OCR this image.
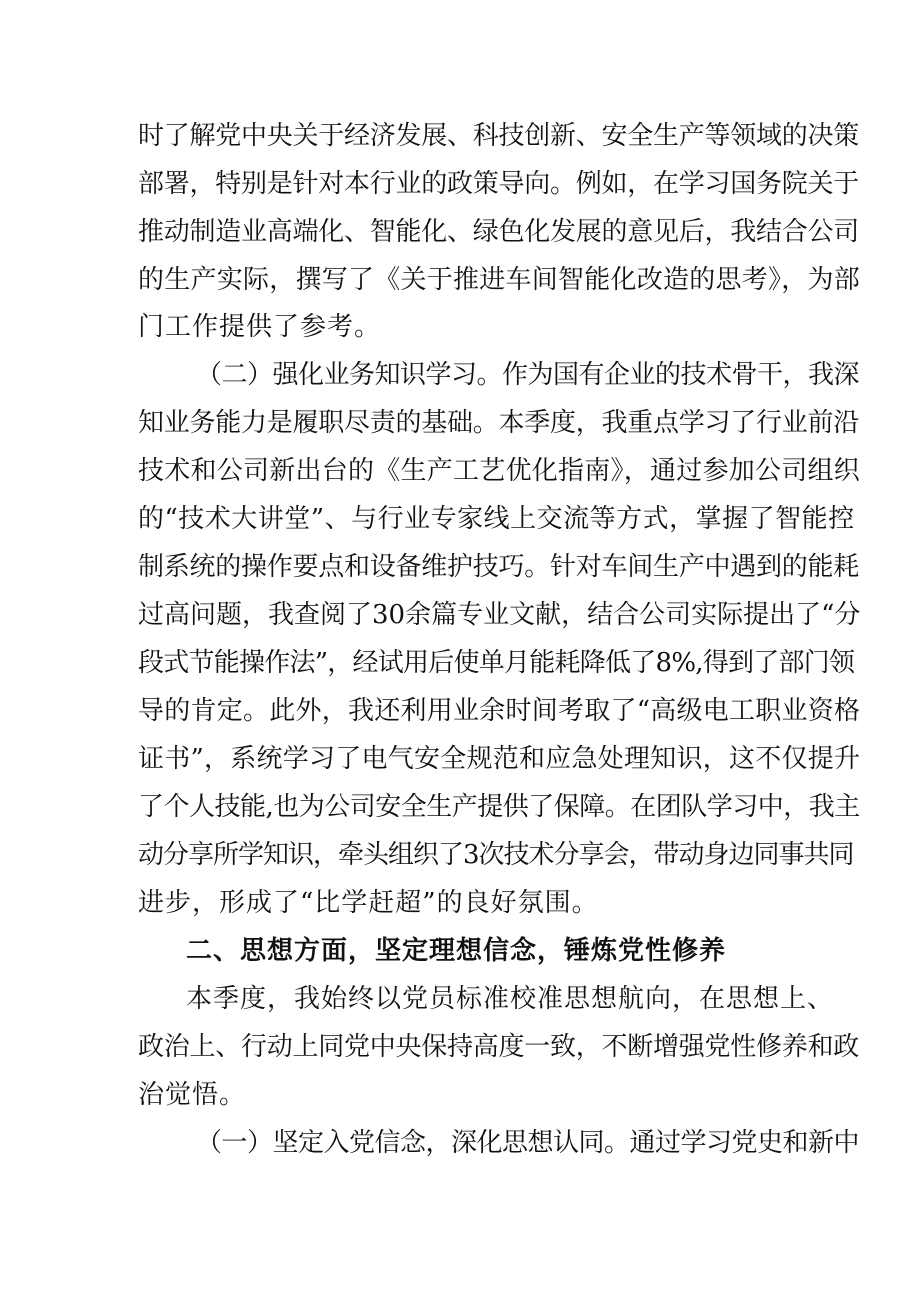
时了解党中央关于经济发展、科技创新、安全生产等领域的决策
部署，特别是针对本行业的政策导向。例如，在学习国务院关于
推动制造业高端化、智能化、绿色化发展的意见后，我结合公司
的生产实际，撰写了《关于推进车间智能化改造的思考》，为部
门工作提供了参考。
（二）强化业务知识学习。作为国有企业的技术骨干，我深
知业务能力是履职尽责的基础。本季度，我重点学习了行业前沿
技术和公司新出台的《生产工艺优化指南》，通过参加公司组织
的“技术大讲堂”、与行业专家线上交流等方式，掌握了智能控
制系统的操作要点和设备维护技巧。针对车间生产中遇到的能耗
过高问题，我查阅了30余篇专业文献，结合公司实际提出了“分
段式节能操作法”，经试用后使单月能耗降低了8%,得到了部门领
导的肯定。此外，我还利用业余时间考取了“高级电工职业资格
证书”，系统学习了电气安全规范和应急处理知识，这不仅提升
了个人技能,也为公司安全生产提供了保障。在团队学习中，我主
动分享所学知识，牵头组织了3次技术分享会，带动身边同事共同
进步，形成了“比学赶超”的良好氛围。
二、思想方面，坚定理想信念，锤炼党性修养
本季度，我始终以党员标准校准思想航向，在思想上、
政治上、行动上同党中央保持高度一致，不断增强党性修养和政
治觉悟。
（一）坚定入党信念，深化思想认同。通过学习党史和新中
